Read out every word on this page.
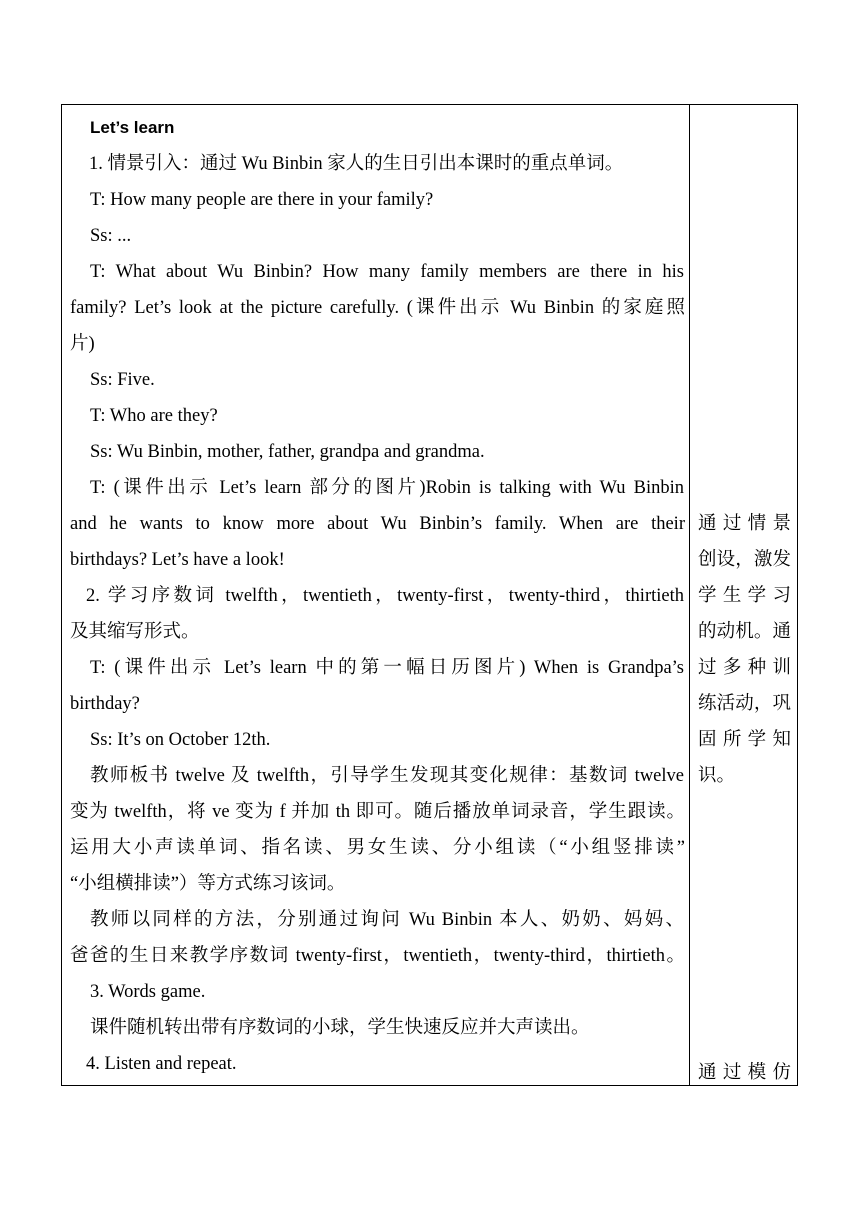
Let’s learn
1. 情景引入：通过 Wu Binbin 家人的生日引出本课时的重点单词。
T: How many people are there in your family?
Ss: ...
T: What about Wu Binbin? How many family members are there in his
family? Let’s look at the picture carefully. (课件出示 Wu Binbin 的家庭照
片)
Ss: Five.
T: Who are they?
Ss: Wu Binbin, mother, father, grandpa and grandma.
T: (课件出示 Let’s learn 部分的图片)Robin is talking with Wu Binbin
and he wants to know more about Wu Binbin’s family. When are their
birthdays? Let’s have a look!
2. 学习序数词 twelfth，twentieth，twenty-first，twenty-third，thirtieth
及其缩写形式。
T: (课件出示 Let’s learn 中的第一幅日历图片) When is Grandpa’s
birthday?
Ss: It’s on October 12th.
教师板书 twelve 及 twelfth，引导学生发现其变化规律：基数词 twelve
变为 twelfth，将 ve 变为 f 并加 th 即可。随后播放单词录音，学生跟读。
运用大小声读单词、指名读、男女生读、分小组读（“小组竖排读”
“小组横排读”）等方式练习该词。
教师以同样的方法，分别通过询问 Wu Binbin 本人、奶奶、妈妈、
爸爸的生日来教学序数词 twenty-first，twentieth，twenty-third，thirtieth。
3. Words game.
课件随机转出带有序数词的小球，学生快速反应并大声读出。
4. Listen and repeat.
通过情景
创设，激发
学生学习
的动机。通
过多种训
练活动，巩
固所学知
识。
通过模仿
